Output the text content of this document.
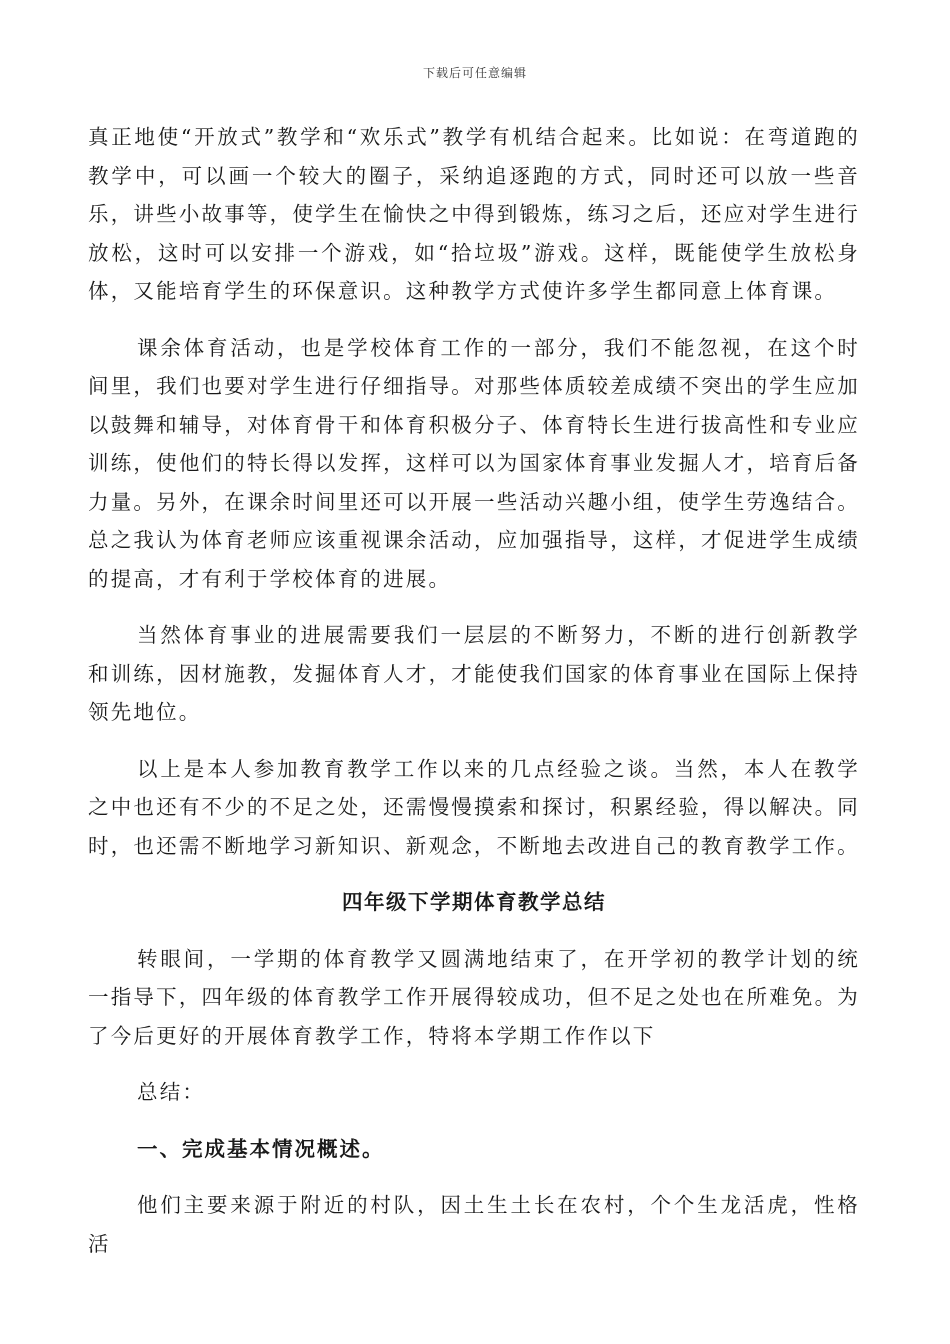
下载后可任意编辑

真正地使“开放式”教学和“欢乐式”教学有机结合起来。比如说：在弯道跑的教学中，可以画一个较大的圈子，采纳追逐跑的方式，同时还可以放一些音乐，讲些小故事等，使学生在愉快之中得到锻炼，练习之后，还应对学生进行放松，这时可以安排一个游戏，如“拾垃圾”游戏。这样，既能使学生放松身体，又能培育学生的环保意识。这种教学方式使许多学生都同意上体育课。

课余体育活动，也是学校体育工作的一部分，我们不能忽视，在这个时间里，我们也要对学生进行仔细指导。对那些体质较差成绩不突出的学生应加以鼓舞和辅导，对体育骨干和体育积极分子、体育特长生进行拔高性和专业应训练，使他们的特长得以发挥，这样可以为国家体育事业发掘人才，培育后备力量。另外，在课余时间里还可以开展一些活动兴趣小组，使学生劳逸结合。总之我认为体育老师应该重视课余活动，应加强指导，这样，才促进学生成绩的提高，才有利于学校体育的进展。

当然体育事业的进展需要我们一层层的不断努力，不断的进行创新教学和训练，因材施教，发掘体育人才，才能使我们国家的体育事业在国际上保持领先地位。

以上是本人参加教育教学工作以来的几点经验之谈。当然，本人在教学之中也还有不少的不足之处，还需慢慢摸索和探讨，积累经验，得以解决。同时，也还需不断地学习新知识、新观念，不断地去改进自己的教育教学工作。

四年级下学期体育教学总结

转眼间，一学期的体育教学又圆满地结束了，在开学初的教学计划的统一指导下，四年级的体育教学工作开展得较成功，但不足之处也在所难免。为了今后更好的开展体育教学工作，特将本学期工作作以下

总结：

一、完成基本情况概述。

他们主要来源于附近的村队，因土生土长在农村，个个生龙活虎，性格活
